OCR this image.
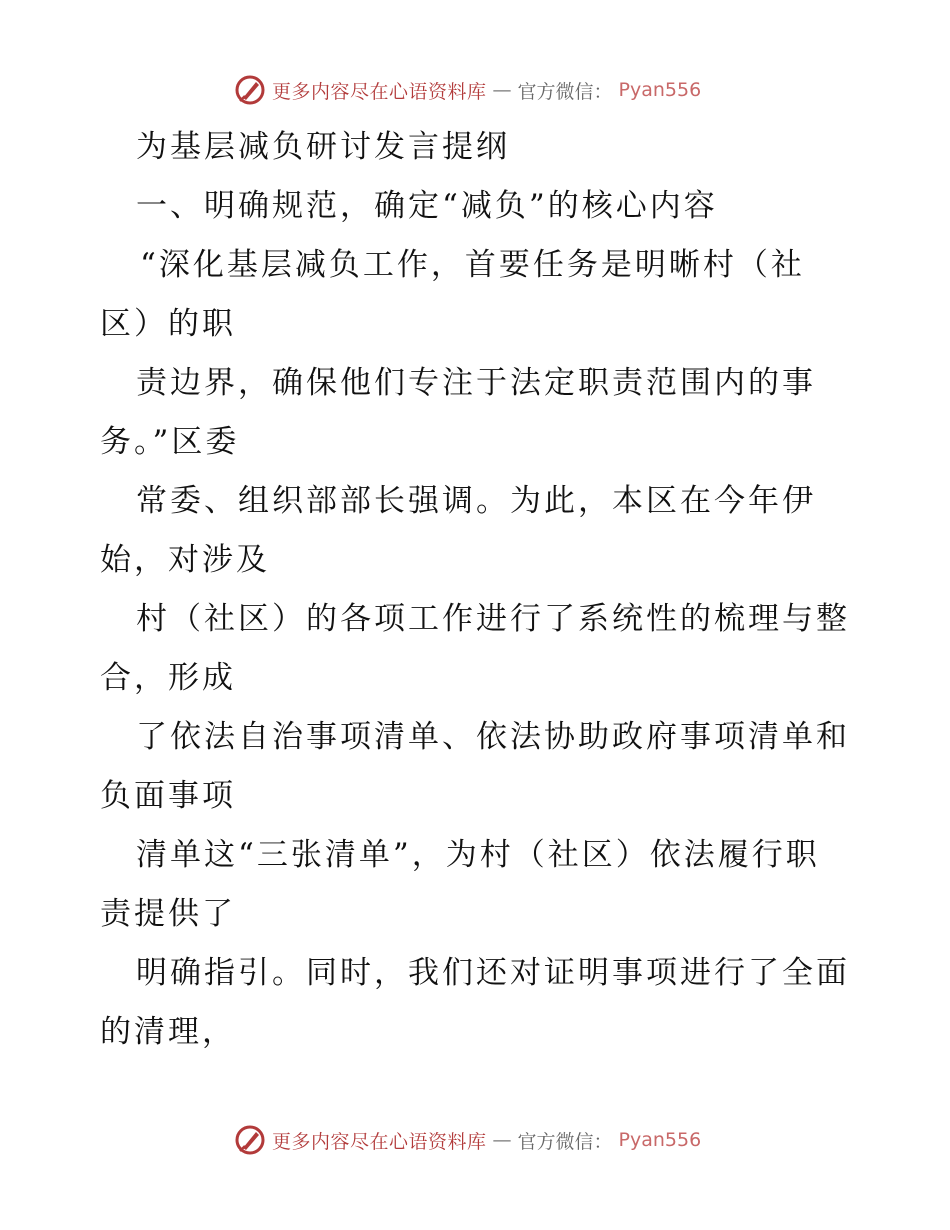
更多内容尽在心语资料库 — 官方微信： Pyan556
为基层减负研讨发言提纲
一、明确规范，确定“减负”的核心内容
“深化基层减负工作，首要任务是明晰村（社
区）的职
责边界，确保他们专注于法定职责范围内的事
务。”区委
常委、组织部部长强调。为此，本区在今年伊
始，对涉及
村（社区）的各项工作进行了系统性的梳理与整
合，形成
了依法自治事项清单、依法协助政府事项清单和
负面事项
清单这“三张清单”，为村（社区）依法履行职
责提供了
明确指引。同时，我们还对证明事项进行了全面
的清理，
更多内容尽在心语资料库 — 官方微信： Pyan556
